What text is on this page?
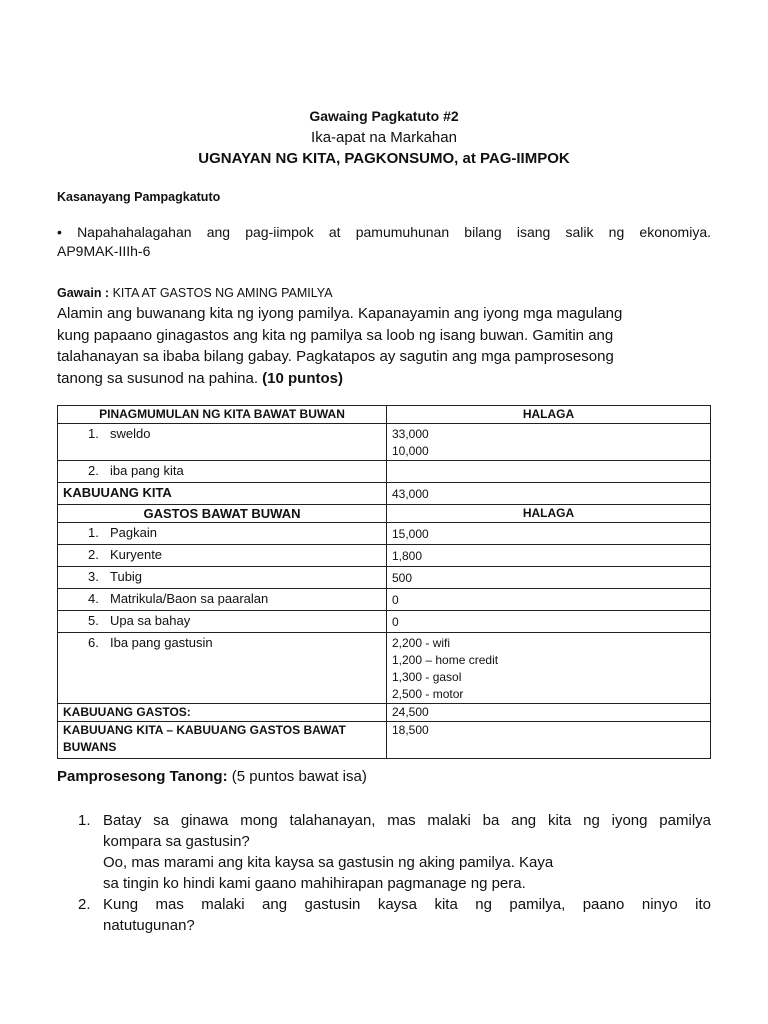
Gawaing Pagkatuto #2
Ika-apat na Markahan
UGNAYAN NG KITA, PAGKONSUMO, at PAG-IIMPOK
Kasanayang Pampagkatuto
• Napahahalagahan ang pag-iimpok at pamumuhunan bilang isang salik ng ekonomiya.
AP9MAK-IIIh-6
Gawain : KITA AT GASTOS NG AMING PAMILYA
Alamin ang buwanang kita ng iyong pamilya. Kapanayamin ang iyong mga magulang
kung papaano ginagastos ang kita ng pamilya sa loob ng isang buwan. Gamitin ang
talahanayan sa ibaba bilang gabay. Pagkatapos ay sagutin ang mga pamprosesong
tanong sa susunod na pahina. (10 puntos)
PINAGMUMULAN NG KITA BAWAT BUWAN	HALAGA
1. sweldo	33,000
10,000

2. iba pang kita	
KABUUANG KITA	43,000
GASTOS BAWAT BUWAN	HALAGA
1. Pagkain	15,000
2. Kuryente	1,800
3. Tubig	500
4. Matrikula/Baon sa paaralan	0
5. Upa sa bahay	0
6. Iba pang gastusin	2,200 - wifi
1,200 – home credit
1,300 - gasol
2,500 - motor

KABUUANG GASTOS:	24,500

KABUUANG KITA – KABUUANG GASTOS BAWAT
BUWANS	18,500
Pamprosesong Tanong: (5 puntos bawat isa)
1. Batay sa ginawa mong talahanayan, mas malaki ba ang kita ng iyong pamilya
kompara sa gastusin?
Oo, mas marami ang kita kaysa sa gastusin ng aking pamilya. Kaya
sa tingin ko hindi kami gaano mahihirapan pagmanage ng pera.
2. Kung mas malaki ang gastusin kaysa kita ng pamilya, paano ninyo ito
natutugunan?
